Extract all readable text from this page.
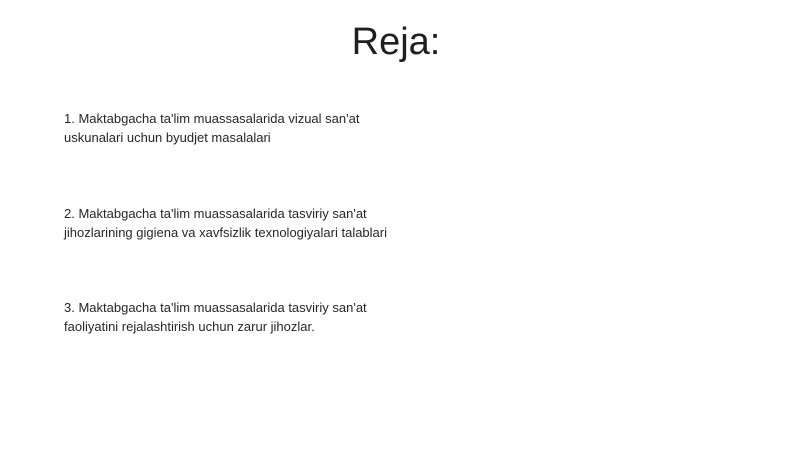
Reja:
1. Maktabgacha ta'lim muassasalarida vizual san'at
uskunalari uchun byudjet masalalari
2. Maktabgacha ta'lim muassasalarida tasviriy san'at
jihozlarining gigiena va xavfsizlik texnologiyalari talablari
3. Maktabgacha ta'lim muassasalarida tasviriy san'at
faoliyatini rejalashtirish uchun zarur jihozlar.
